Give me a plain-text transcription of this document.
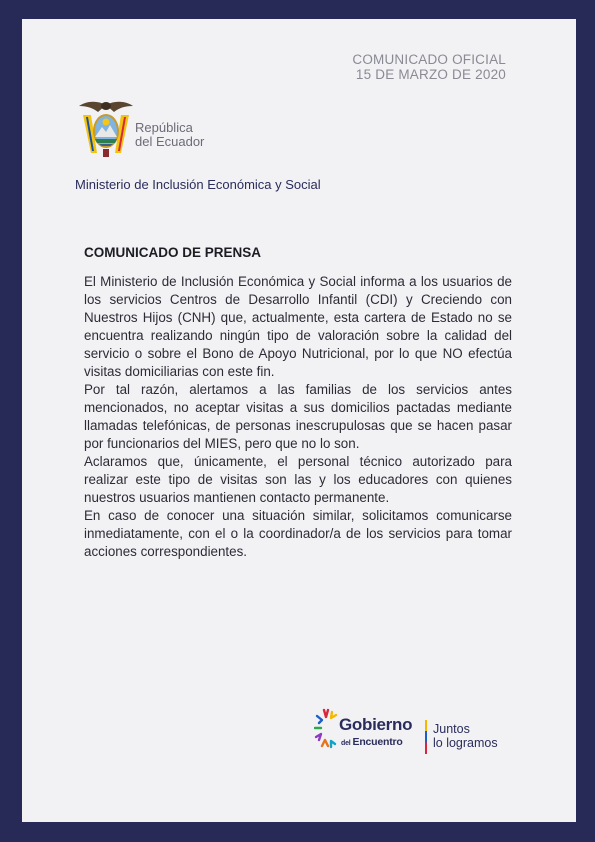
COMUNICADO OFICIAL
15 DE MARZO DE 2020
República
del Ecuador
Ministerio de Inclusión Económica y Social
COMUNICADO DE PRENSA

El Ministerio de Inclusión Económica y Social informa a los usuarios de los servicios Centros de Desarrollo Infantil (CDI) y Creciendo con Nuestros Hijos (CNH) que, actualmente, esta cartera de Estado no se encuentra realizando ningún tipo de valoración sobre la calidad del servicio o sobre el Bono de Apoyo Nutricional, por lo que NO efectúa visitas domiciliarias con este fin.

Por tal razón, alertamos a las familias de los servicios antes mencionados, no aceptar visitas a sus domicilios pactadas mediante llamadas telefónicas, de personas inescrupulosas que se hacen pasar por funcionarios del MIES, pero que no lo son.

Aclaramos que, únicamente, el personal técnico autorizado para realizar este tipo de visitas son las y los educadores con quienes nuestros usuarios mantienen contacto permanente.

En caso de conocer una situación similar, solicitamos comunicarse inmediatamente, con el o la coordinador/a de los servicios para tomar acciones correspondientes.

Gobierno
del Encuentro
Juntos
lo logramos
